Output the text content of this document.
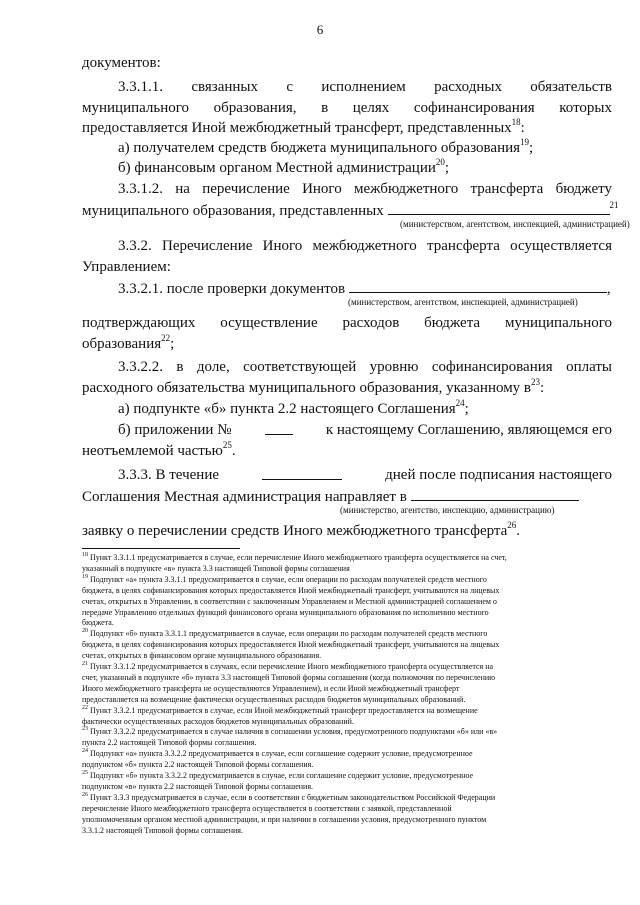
6
документов:
3.3.1.1. связанных с исполнением расходных обязательств
муниципального образования, в целях софинансирования которых
предоставляется Иной межбюджетный трансферт, представленных$^{18}$:
а) получателем средств бюджета муниципального образования$^{19}$;
б) финансовым органом Местной администрации$^{20}$;
3.3.1.2. на перечисление Иного межбюджетного трансферта бюджету
муниципального образования, представленных	$^{21}$
(министерством, агентством, инспекцией, администрацией)
3.3.2. Перечисление Иного межбюджетного трансферта осуществляется
Управлением:
3.3.2.1. после проверки документов	,
(министерством, агентством, инспекцией, администрацией)
подтверждающих осуществление расходов бюджета муниципального
образования$^{22}$;
3.3.2.2. в доле, соответствующей уровню софинансирования оплаты
расходного обязательства муниципального образования, указанному $в^{23}$:
а) подпункте «б» пункта 2.2 настоящего Соглашения$^{24}$;
б) приложении №	к настоящему Соглашению, являющемся его
неотъемлемой частью$^{25}$.
3.3.3. В течение	дней после подписания настоящего
Соглашения Местная администрация направляет в
(министерство, агентство, инспекцию, администрацию)
заявку о перечислении средств Иного межбюджетного трансферта$^{26}$.
$^{18}$ Пункт 3.3.1.1 предусматривается в случае, если перечисление Иного межбюджетного трансферта осуществляется на счет,
указанный в подпункте «в» пункта 3.3 настоящей Типовой формы соглашения
$^{19}$ Подпункт «а» пункта 3.3.1.1 предусматривается в случае, если операции по расходам получателей средств местного
бюджета, в целях софинансирования которых предоставляется Иной межбюджетный трансферт, учитываются на лицевых
счетах, открытых в Управлении, в соответствии с заключенным Управлением и Местной администрацией соглашением о
передаче Управлению отдельных функций финансового органа муниципального образования по исполнению местного
бюджета.
$^{20}$ Подпункт «б» пункта 3.3.1.1 предусматривается в случае, если операции по расходам получателей средств местного
бюджета, в целях софинансирования которых предоставляется Иной межбюджетный трансферт, учитываются на лицевых
счетах, открытых в финансовом органе муниципального образования.
$^{21}$ Пункт 3.3.1.2 предусматривается в случаях, если перечисление Иного межбюджетного трансферта осуществляется на
счет, указанный в подпункте «б» пункта 3.3 настоящей Типовой формы соглашения (когда полномочия по перечислению
Иного межбюджетного трансферта не осуществляются Управлением), и если Иной межбюджетный трансферт
предоставляется на возмещение фактически осуществленных расходов бюджетов муниципальных образований.
$^{22}$ Пункт 3.3.2.1 предусматривается в случае, если Иной межбюджетный трансферт предоставляется на возмещение
фактически осуществленных расходов бюджетов муниципальных образований.
$^{23}$ Пункт 3.3.2.2 предусматривается в случае наличия в соглашении условия, предусмотренного подпунктами «б» или «в»
пункта 2.2 настоящей Типовой формы соглашения.
$^{24}$ Подпункт «а» пункта 3.3.2.2 предусматривается в случае, если соглашение содержит условие, предусмотренное
подпунктом «б» пункта 2.2 настоящей Типовой формы соглашения.
$^{25}$ Подпункт «б» пункта 3.3.2.2 предусматривается в случае, если соглашение содержит условие, предусмотренное
подпунктом «в» пункта 2.2 настоящей Типовой формы соглашения.
$^{26}$ Пункт 3.3.3 предусматривается в случае, если в соответствии с бюджетным законодательством Российской Федерации
перечисление Иного межбюджетного трансферта осуществляется в соответствии с заявкой, представленной
уполномоченным органом местной администрации, и при наличии в соглашении условия, предусмотренного пунктом
3.3.1.2 настоящей Типовой формы соглашения.
